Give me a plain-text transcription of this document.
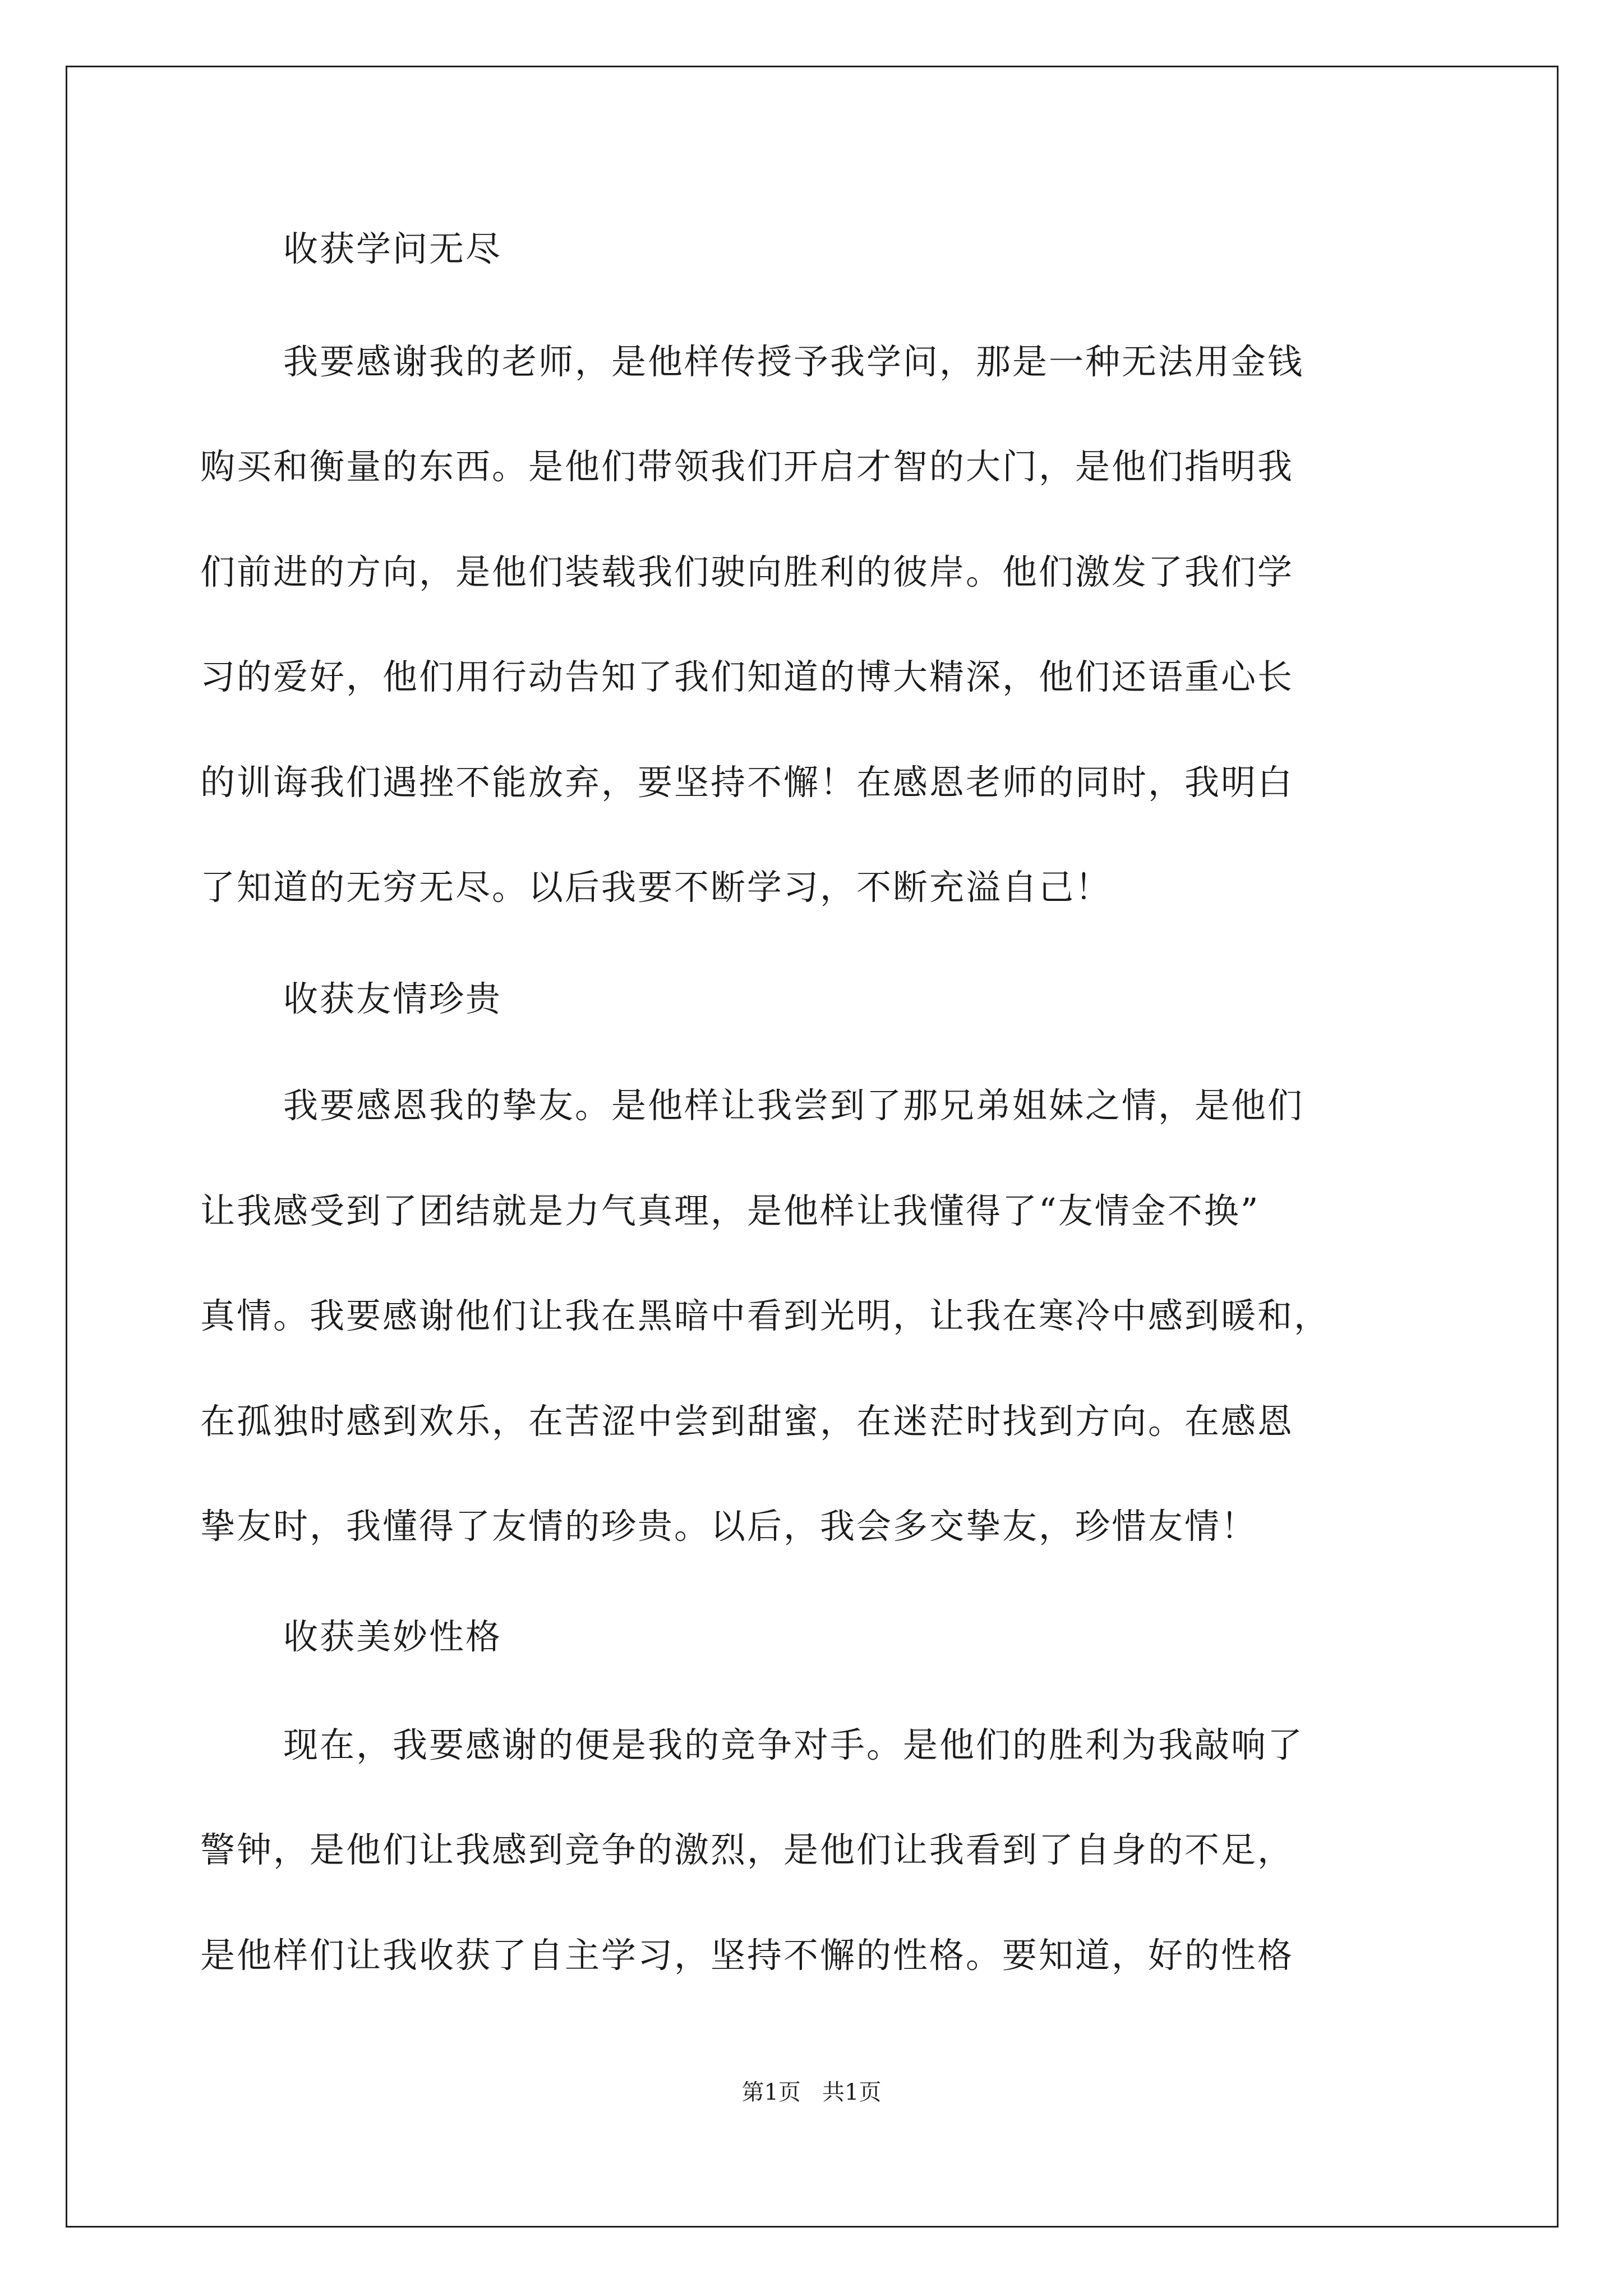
收获学问无尽
我要感谢我的老师，是他样传授予我学问，那是一种无法用金钱
购买和衡量的东西。是他们带领我们开启才智的大门，是他们指明我
们前进的方向，是他们装载我们驶向胜利的彼岸。他们激发了我们学
习的爱好，他们用行动告知了我们知道的博大精深，他们还语重心长
的训诲我们遇挫不能放弃，要坚持不懈！在感恩老师的同时，我明白
了知道的无穷无尽。以后我要不断学习，不断充溢自己！
收获友情珍贵
我要感恩我的挚友。是他样让我尝到了那兄弟姐妹之情，是他们
让我感受到了团结就是力气真理，是他样让我懂得了“友情金不换”
真情。我要感谢他们让我在黑暗中看到光明，让我在寒冷中感到暖和，
在孤独时感到欢乐，在苦涩中尝到甜蜜，在迷茫时找到方向。在感恩
挚友时，我懂得了友情的珍贵。以后，我会多交挚友，珍惜友情！
收获美妙性格
现在，我要感谢的便是我的竞争对手。是他们的胜利为我敲响了
警钟，是他们让我感到竞争的激烈，是他们让我看到了自身的不足，
是他样们让我收获了自主学习，坚持不懈的性格。要知道，好的性格
第1页   共1页
